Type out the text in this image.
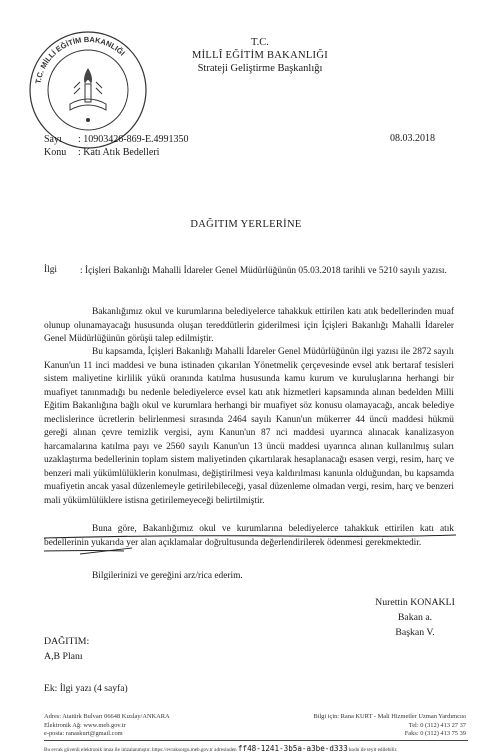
T.C. MİLLİ EĞİTİM BAKANLIĞI
T.C.
MİLLÎ EĞİTİM BAKANLIĞI
Strateji Geliştirme Başkanlığı
Sayı : 10903426-869-E.4991350
Konu : Katı Atık Bedelleri
08.03.2018
DAĞITIM YERLERİNE
İlgi : İçişleri Bakanlığı Mahalli İdareler Genel Müdürlüğünün 05.03.2018 tarihli ve 5210 sayılı yazısı.
Bakanlığımız okul ve kurumlarına belediyelerce tahakkuk ettirilen katı atık bedellerinden muaf olunup olunamayacağı hususunda oluşan tereddütlerin giderilmesi için İçişleri Bakanlığı Mahalli İdareler Genel Müdürlüğünün görüşü talep edilmiştir.
Bu kapsamda, İçişleri Bakanlığı Mahalli İdareler Genel Müdürlüğünün ilgi yazısı ile 2872 sayılı Kanun'un 11 inci maddesi ve buna istinaden çıkarılan Yönetmelik çerçevesinde evsel atık bertaraf tesisleri sistem maliyetine kirlilik yükü oranında katılma hususunda kamu kurum ve kuruluşlarına herhangi bir muafiyet tanınmadığı bu nedenle belediyelerce evsel katı atık hizmetleri kapsamında alınan bedelden Milli Eğitim Bakanlığına bağlı okul ve kurumlara herhangi bir muafiyet söz konusu olamayacağı, ancak belediye meclislerince ücretlerin belirlenmesi sırasında 2464 sayılı Kanun'un mükerrer 44 üncü maddesi hükmü gereği alınan çevre temizlik vergisi, aynı Kanun'un 87 nci maddesi uyarınca alınacak kanalizasyon harcamalarına katılma payı ve 2560 sayılı Kanun'un 13 üncü maddesi uyarınca alınan kullanılmış suları uzaklaştırma bedellerinin toplam sistem maliyetinden çıkartılarak hesaplanacağı esasen vergi, resim, harç ve benzeri mali yükümlülüklerin konulması, değiştirilmesi veya kaldırılması kanunla olduğundan, bu kapsamda muafiyetin ancak yasal düzenlemeyle getirilebileceği, yasal düzenleme olmadan vergi, resim, harç ve benzeri mali yükümlülüklere istisna getirilemeyeceği belirtilmiştir.
Buna göre, Bakanlığımız okul ve kurumlarına belediyelerce tahakkuk ettirilen katı atık bedellerinin yukarıda yer alan açıklamalar doğrultusunda değerlendirilerek ödenmesi gerekmektedir.
Bilgilerinizi ve gereğini arz/rica ederim.
Nurettin KONAKLI
Bakan a.
Başkan V.
DAĞITIM:
A,B Planı
Ek: İlgi yazı (4 sayfa)
Adres: Atatürk Bulvarı 06648 Kızılay/ANKARA
Elektronik Ağ: www.meb.gov.tr
e-posta: ranaskurt@gmail.com
Bilgi için: Rana KURT - Mali Hizmetler Uzman Yardımcısı
Tel: 0 (312) 413 27 37
Faks: 0 (312) 413 75 39
Bu evrak güvenli elektronik imza ile imzalanmıştır. https://evraksorgu.meb.gov.tr adresinden ff48-1241-3b5a-a3be-d333 kodu ile teyit edilebilir.
